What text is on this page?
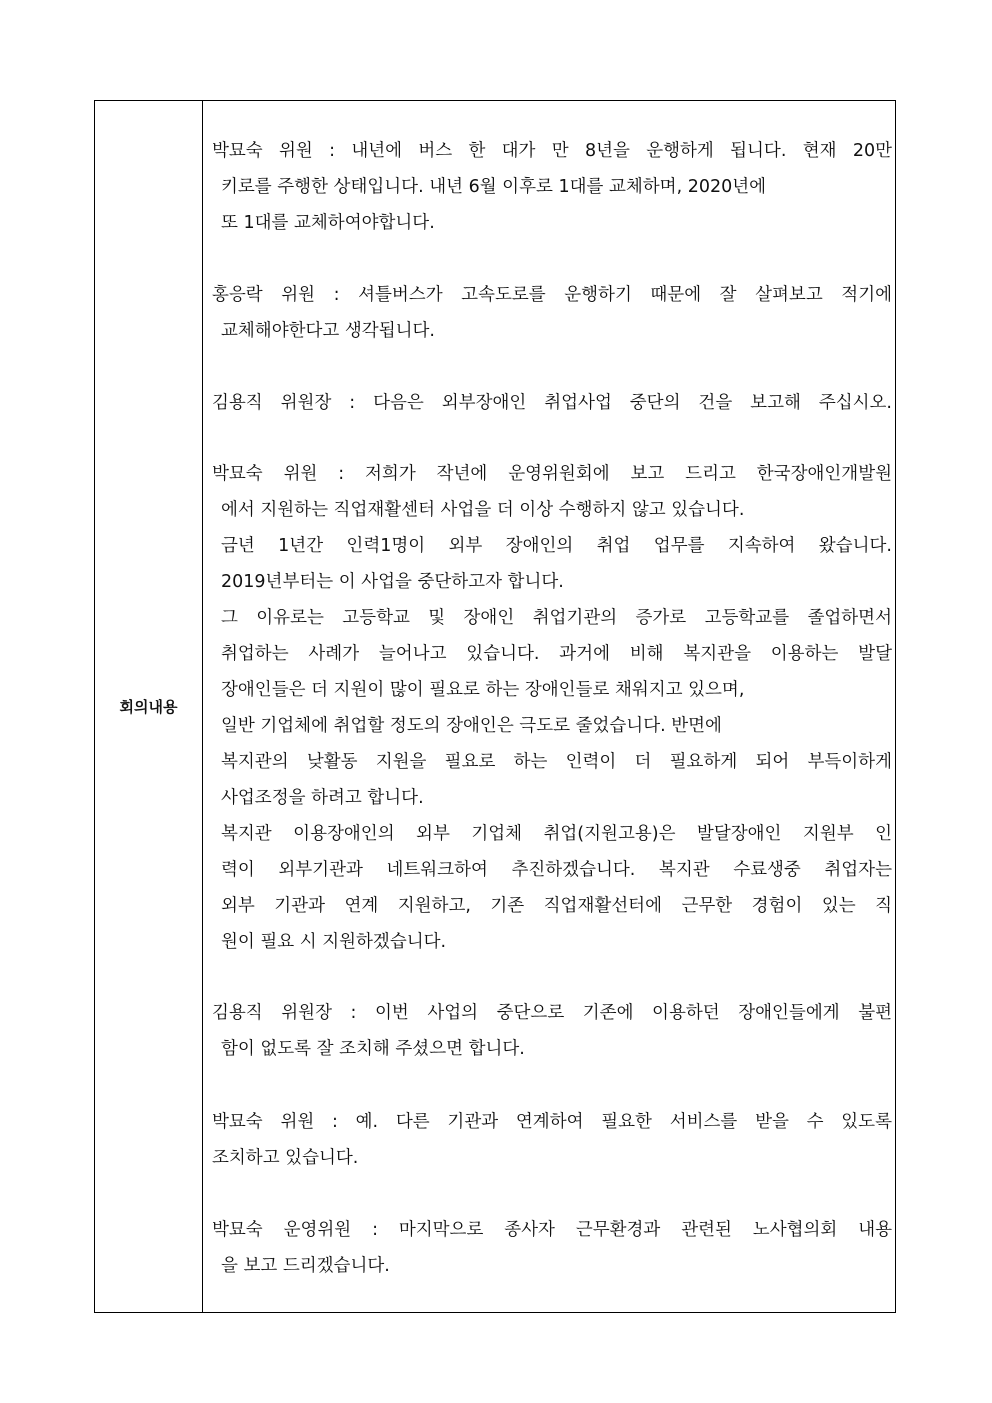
회의내용
박묘숙 위원 : 내년에 버스 한 대가 만 8년을 운행하게 됩니다. 현재 20만
키로를 주행한 상태입니다. 내년 6월 이후로 1대를 교체하며, 2020년에
또 1대를 교체하여야합니다.
홍응락 위원 : 셔틀버스가 고속도로를 운행하기 때문에 잘 살펴보고 적기에
교체해야한다고 생각됩니다.
김용직 위원장 : 다음은 외부장애인 취업사업 중단의 건을 보고해 주십시오.
박묘숙 위원 : 저희가 작년에 운영위원회에 보고 드리고 한국장애인개발원
에서 지원하는 직업재활센터 사업을 더 이상 수행하지 않고 있습니다.
금년 1년간 인력1명이 외부 장애인의 취업 업무를 지속하여 왔습니다.
2019년부터는 이 사업을 중단하고자 합니다.
그 이유로는 고등학교 및 장애인 취업기관의 증가로 고등학교를 졸업하면서
취업하는 사례가 늘어나고 있습니다. 과거에 비해 복지관을 이용하는 발달
장애인들은 더 지원이 많이 필요로 하는 장애인들로 채워지고 있으며,
일반 기업체에 취업할 정도의 장애인은 극도로 줄었습니다. 반면에
복지관의 낮활동 지원을 필요로 하는 인력이 더 필요하게 되어 부득이하게
사업조정을 하려고 합니다.
복지관 이용장애인의 외부 기업체 취업(지원고용)은 발달장애인 지원부 인
력이 외부기관과 네트워크하여 추진하겠습니다. 복지관 수료생중 취업자는
외부 기관과 연계 지원하고, 기존 직업재활선터에 근무한 경험이 있는 직
원이 필요 시 지원하겠습니다.
김용직 위원장 : 이번 사업의 중단으로 기존에 이용하던 장애인들에게 불편
함이 없도록 잘 조치해 주셨으면 합니다.
박묘숙 위원 : 예. 다른 기관과 연계하여 필요한 서비스를 받을 수 있도록
조치하고 있습니다.
박묘숙 운영위원 : 마지막으로 종사자 근무환경과 관련된 노사협의회 내용
을 보고 드리겠습니다.
